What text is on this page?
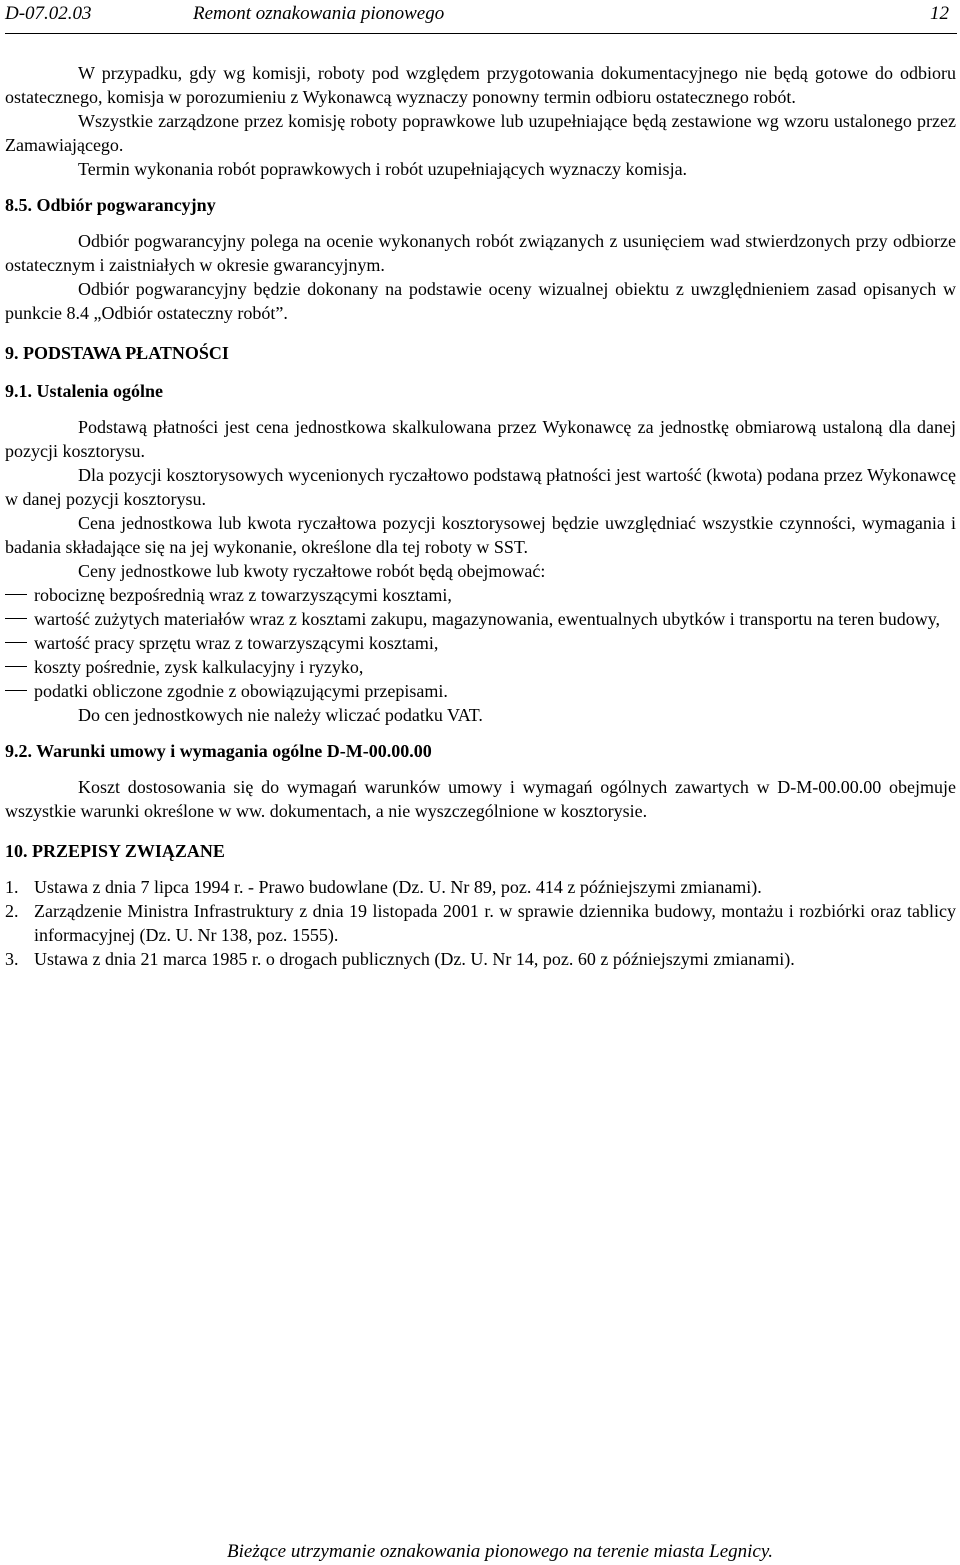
D-07.02.03	Remont oznakowania pionowego	12

W przypadku, gdy wg komisji, roboty pod względem przygotowania dokumentacyjnego nie będą gotowe do odbioru ostatecznego, komisja w porozumieniu z Wykonawcą wyznaczy ponowny termin odbioru ostatecznego robót.

Wszystkie zarządzone przez komisję roboty poprawkowe lub uzupełniające będą zestawione wg wzoru ustalonego przez Zamawiającego.

Termin wykonania robót poprawkowych i robót uzupełniających wyznaczy komisja.

8.5. Odbiór pogwarancyjny

Odbiór pogwarancyjny polega na ocenie wykonanych robót związanych z usunięciem wad stwierdzonych przy odbiorze ostatecznym i zaistniałych w okresie gwarancyjnym.

Odbiór pogwarancyjny będzie dokonany na podstawie oceny wizualnej obiektu z uwzględnieniem zasad opisanych w punkcie 8.4 „Odbiór ostateczny robót”.

9. PODSTAWA PŁATNOŚCI

9.1. Ustalenia ogólne

Podstawą płatności jest cena jednostkowa skalkulowana przez Wykonawcę za jednostkę obmiarową ustaloną dla danej pozycji kosztorysu.

Dla pozycji kosztorysowych wycenionych ryczałtowo podstawą płatności jest wartość (kwota) podana przez Wykonawcę w danej pozycji kosztorysu.

Cena jednostkowa lub kwota ryczałtowa pozycji kosztorysowej będzie uwzględniać wszystkie czynności, wymagania i badania składające się na jej wykonanie, określone dla tej roboty w SST.

Ceny jednostkowe lub kwoty ryczałtowe robót będą obejmować:

robociznę bezpośrednią wraz z towarzyszącymi kosztami,
wartość zużytych materiałów wraz z kosztami zakupu, magazynowania, ewentualnych ubytków i transportu na teren budowy,
wartość pracy sprzętu wraz z towarzyszącymi kosztami,
koszty pośrednie, zysk kalkulacyjny i ryzyko,
podatki obliczone zgodnie z obowiązującymi przepisami.

Do cen jednostkowych nie należy wliczać podatku VAT.

9.2. Warunki umowy i wymagania ogólne D-M-00.00.00

Koszt dostosowania się do wymagań warunków umowy i wymagań ogólnych zawartych w D-M-00.00.00 obejmuje wszystkie warunki określone w ww. dokumentach, a nie wyszczególnione w kosztorysie.

10. PRZEPISY ZWIĄZANE

1. Ustawa z dnia 7 lipca 1994 r. - Prawo budowlane (Dz. U. Nr 89, poz. 414 z późniejszymi zmianami).
2. Zarządzenie Ministra Infrastruktury z dnia 19 listopada 2001 r. w sprawie dziennika budowy, montażu i rozbiórki oraz tablicy informacyjnej (Dz. U. Nr 138, poz. 1555).
3. Ustawa z dnia 21 marca 1985 r. o drogach publicznych (Dz. U. Nr 14, poz. 60 z późniejszymi zmianami).
Bieżące utrzymanie oznakowania pionowego na terenie miasta Legnicy.
